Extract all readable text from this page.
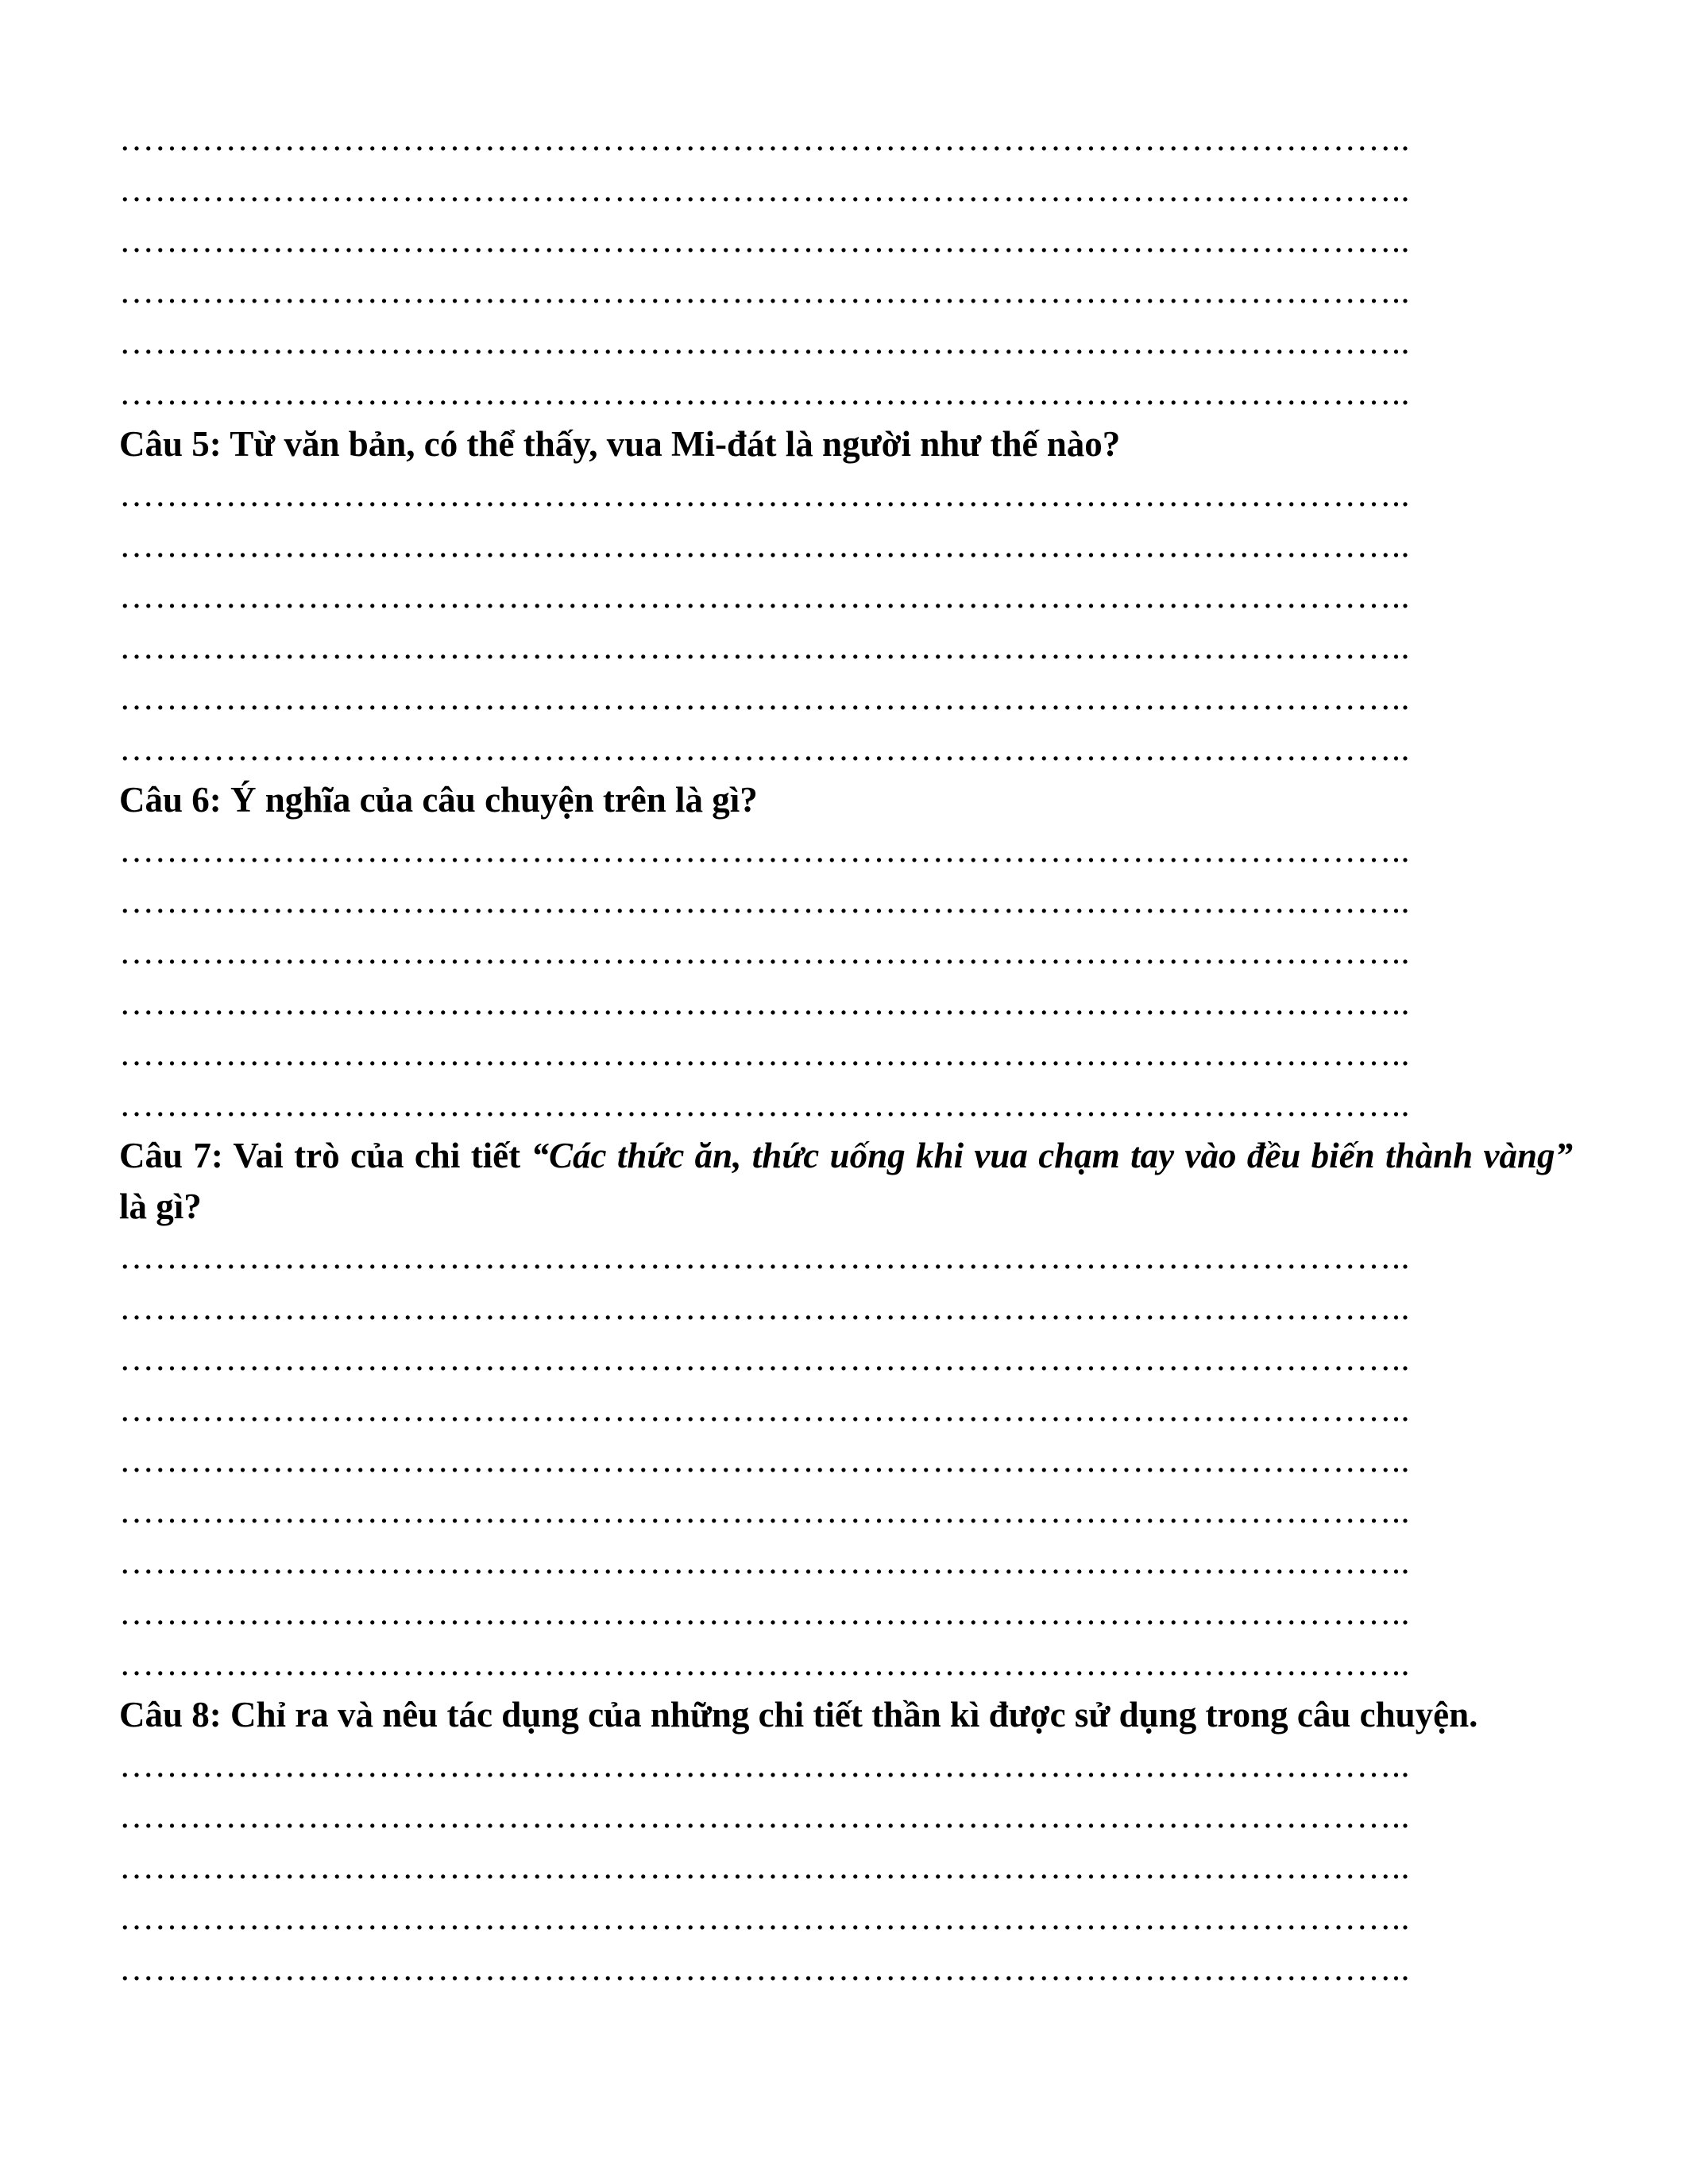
………………………………………………………………………………………………..
………………………………………………………………………………………………..
………………………………………………………………………………………………..
………………………………………………………………………………………………..
………………………………………………………………………………………………..
………………………………………………………………………………………………..
Câu 5: Từ văn bản, có thể thấy, vua Mi-đát là người như thế nào?
………………………………………………………………………………………………..
………………………………………………………………………………………………..
………………………………………………………………………………………………..
………………………………………………………………………………………………..
………………………………………………………………………………………………..
………………………………………………………………………………………………..
Câu 6: Ý nghĩa của câu chuyện trên là gì?
………………………………………………………………………………………………..
………………………………………………………………………………………………..
………………………………………………………………………………………………..
………………………………………………………………………………………………..
………………………………………………………………………………………………..
………………………………………………………………………………………………..
Câu 7: Vai trò của chi tiết “Các thức ăn, thức uống khi vua chạm tay vào đều biến thành vàng” là gì?
………………………………………………………………………………………………..
………………………………………………………………………………………………..
………………………………………………………………………………………………..
………………………………………………………………………………………………..
………………………………………………………………………………………………..
………………………………………………………………………………………………..
………………………………………………………………………………………………..
………………………………………………………………………………………………..
………………………………………………………………………………………………..
Câu 8: Chỉ ra và nêu tác dụng của những chi tiết thần kì được sử dụng trong câu chuyện.
………………………………………………………………………………………………..
………………………………………………………………………………………………..
………………………………………………………………………………………………..
………………………………………………………………………………………………..
………………………………………………………………………………………………..
